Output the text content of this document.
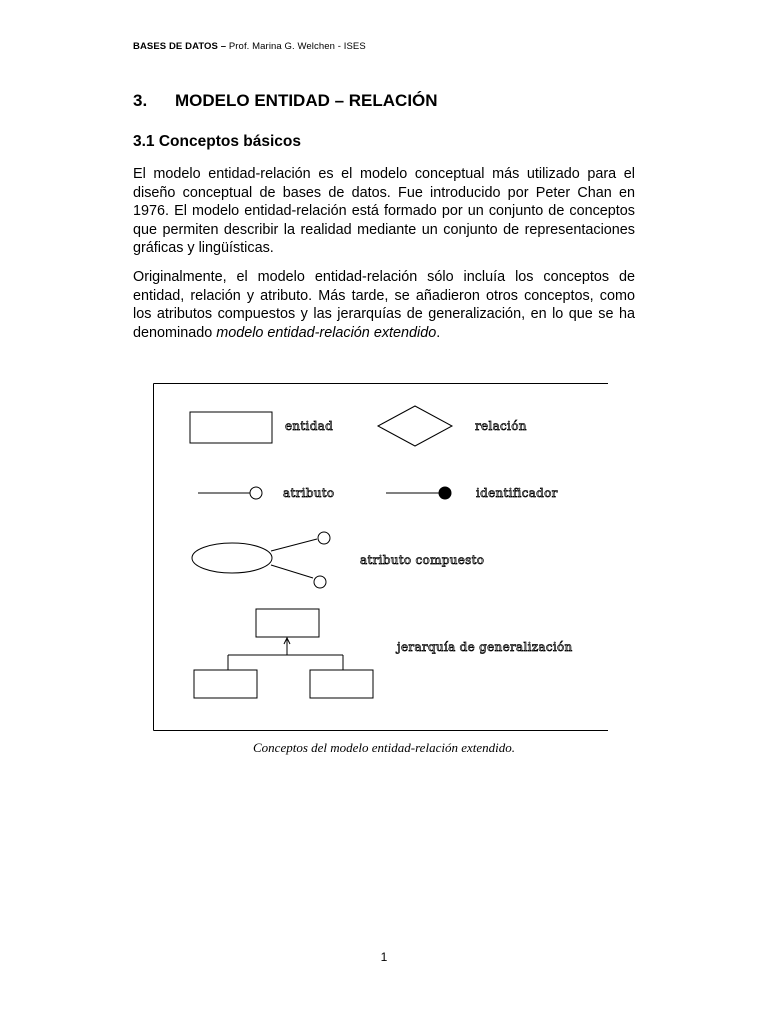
BASES DE DATOS – Prof. Marina G. Welchen - ISES
3. MODELO ENTIDAD – RELACIÓN
3.1 Conceptos básicos

El modelo entidad-relación es el modelo conceptual más utilizado para el diseño conceptual de bases de datos. Fue introducido por Peter Chan en 1976. El modelo entidad-relación está formado por un conjunto de conceptos que permiten describir la realidad mediante un conjunto de representaciones gráficas y lingüísticas.

Originalmente, el modelo entidad-relación sólo incluía los conceptos de entidad, relación y atributo. Más tarde, se añadieron otros conceptos, como los atributos compuestos y las jerarquías de generalización, en lo que se ha denominado modelo entidad-relación extendido.

entidad	relación
atributo	identificador
atributo compuesto
jerarquía de generalización
Conceptos del modelo entidad-relación extendido.
1
